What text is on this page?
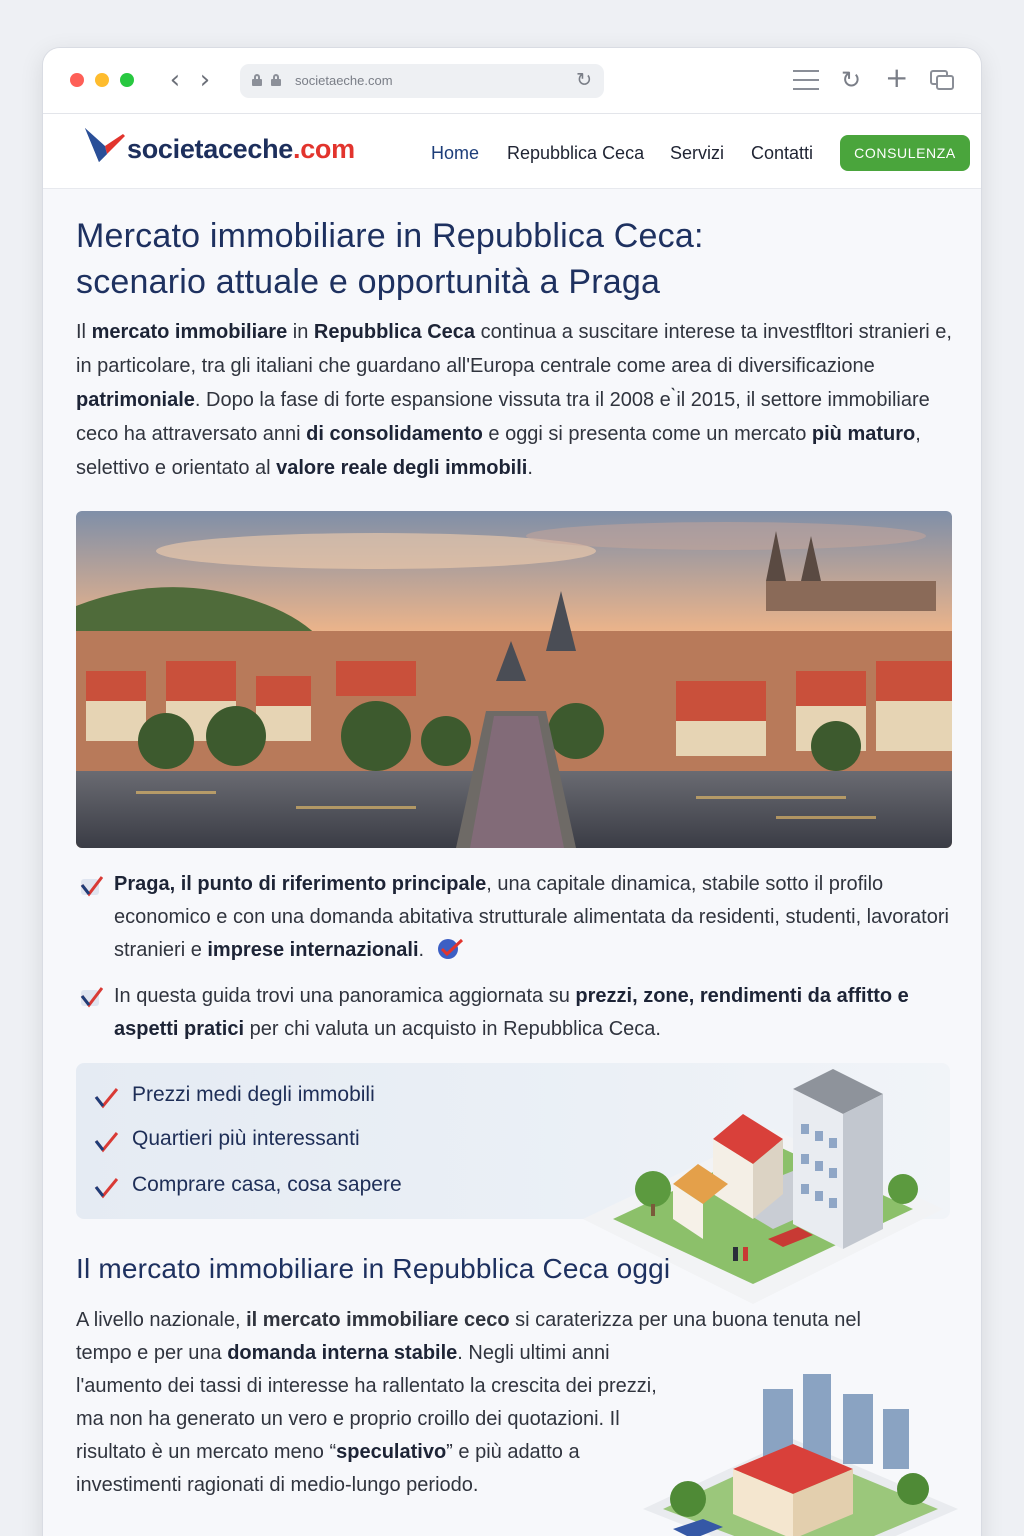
‹ ›	societaeche.com	↻	↻ +
societaceche.com	Home Repubblica Ceca Servizi Contatti	CONSULENZA
Mercato immobiliare in Repubblica Ceca:
scenario attuale e opportunità a Praga

Il mercato immobiliare in Repubblica Ceca continua a suscitare interese ta investfltori stranieri e, in particolare, tra gli italiani che guardano all'Europa centrale come area di diversificazione patrimoniale. Dopo la fase di forte espansione vissuta tra il 2008 e ̀il 2015, il settore immobiliare ceco ha attraversato anni di consolidamento e oggi si presenta come un mercato più maturo, selettivo e orientato al valore reale degli immobili.

Praga, il punto di riferimento principale, una capitale dinamica, stabile sotto il profilo economico e con una domanda abitativa strutturale alimentata da residenti, studenti, lavoratori stranieri e imprese internazionali.

In questa guida trovi una panoramica aggiornata su prezzi, zone, rendimenti da affitto e aspetti pratici per chi valuta un acquisto in Repubblica Ceca.

Prezzi medi degli immobili
Quartieri più interessanti
Comprare casa, cosa sapere
Il mercato immobiliare in Repubblica Ceca oggi

A livello nazionale, il mercato immobiliare ceco si caraterizza per una buona tenuta nel

tempo e per una domanda interna stabile. Negli ultimi anni l'aumento dei tassi di interesse ha rallentato la crescita dei prezzi, ma non ha generato un vero e proprio croillo dei quotazioni. Il risultato è un mercato meno “speculativo” e più adatto a investimenti ragionati di medio-lungo periodo.
